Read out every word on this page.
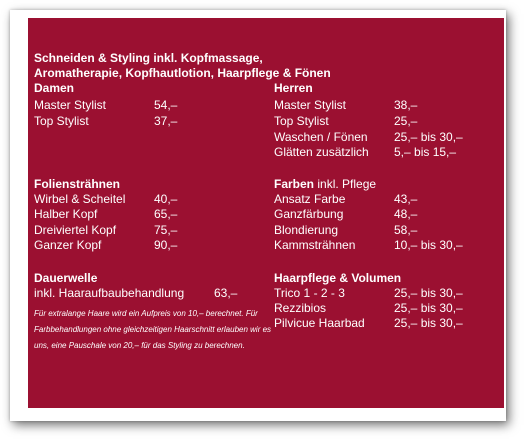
Schneiden & Styling inkl. Kopfmassage,
Aromatherapie, Kopfhautlotion, Haarpflege & Fönen
Damen
Master Stylist	54,–
Top Stylist	37,–
Herren
Master Stylist	38,–
Top Stylist	25,–
Waschen / Fönen 25,– bis 30,–
Glätten zusätzlich 5,– bis 15,–
Foliensträhnen
Wirbel & Scheitel 40,–
Halber Kopf	65,–
Dreiviertel Kopf	75,–
Ganzer Kopf	90,–
Farben inkl. Pflege
Ansatz Farbe	43,–
Ganzfärbung	48,–
Blondierung	58,–
Kammsträhnen	10,– bis 30,–
Dauerwelle
inkl. Haaraufbaubehandlung 63,–
Haarpflege & Volumen
Trico 1 - 2 - 3	25,– bis 30,–
Rezzibios	25,– bis 30,–
Pilvicue Haarbad 25,– bis 30,–
Für extralange Haare wird ein Aufpreis von 10,– berechnet. Für Farbbehandlungen ohne gleichzeitigen Haarschnitt erlauben wir es uns, eine Pauschale von 20,– für das Styling zu berechnen.
